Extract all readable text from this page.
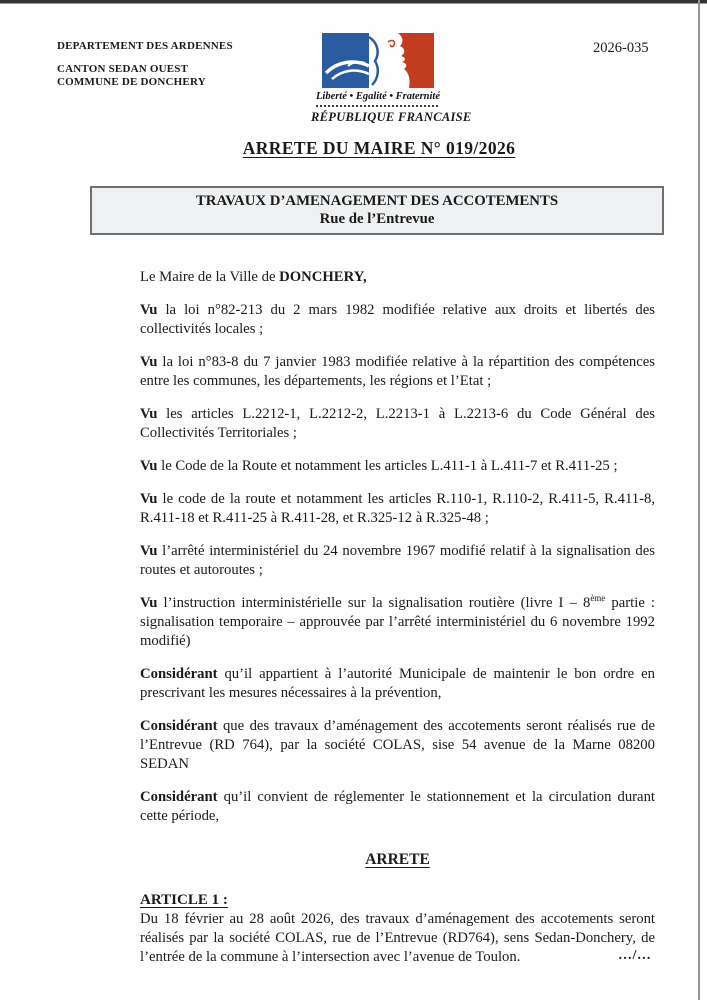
DEPARTEMENT DES ARDENNES
CANTON SEDAN OUEST
COMMUNE DE DONCHERY
Liberté • Egalité • Fraternité
RÉPUBLIQUE FRANCAISE
2026-035
ARRETE DU MAIRE N° 019/2026
TRAVAUX D’AMENAGEMENT DES ACCOTEMENTS
Rue de l’Entrevue

Le Maire de la Ville de DONCHERY,

Vu la loi n°82-213 du 2 mars 1982 modifiée relative aux droits et libertés des collectivités locales ;

Vu la loi n°83-8 du 7 janvier 1983 modifiée relative à la répartition des compétences entre les communes, les départements, les régions et l’Etat ;

Vu les articles L.2212-1, L.2212-2, L.2213-1 à L.2213-6 du Code Général des Collectivités Territoriales ;

Vu le Code de la Route et notamment les articles L.411-1 à L.411-7 et R.411-25 ;

Vu le code de la route et notamment les articles R.110-1, R.110-2, R.411-5, R.411-8, R.411-18 et R.411-25 à R.411-28, et R.325-12 à R.325-48 ;

Vu l’arrêté interministériel du 24 novembre 1967 modifié relatif à la signalisation des routes et autoroutes ;

Vu l’instruction interministérielle sur la signalisation routière (livre I – 8ème partie : signalisation temporaire – approuvée par l’arrêté interministériel du 6 novembre 1992 modifié)

Considérant qu’il appartient à l’autorité Municipale de maintenir le bon ordre en prescrivant les mesures nécessaires à la prévention,

Considérant que des travaux d’aménagement des accotements seront réalisés rue de l’Entrevue (RD 764), par la société COLAS, sise 54 avenue de la Marne 08200 SEDAN

Considérant qu’il convient de réglementer le stationnement et la circulation durant cette période,

ARRETE
ARTICLE 1 :

Du 18 février au 28 août 2026, des travaux d’aménagement des accotements seront réalisés par la société COLAS, rue de l’Entrevue (RD764), sens Sedan-Donchery, de l’entrée de la commune à l’intersection avec l’avenue de Toulon.	…/…
